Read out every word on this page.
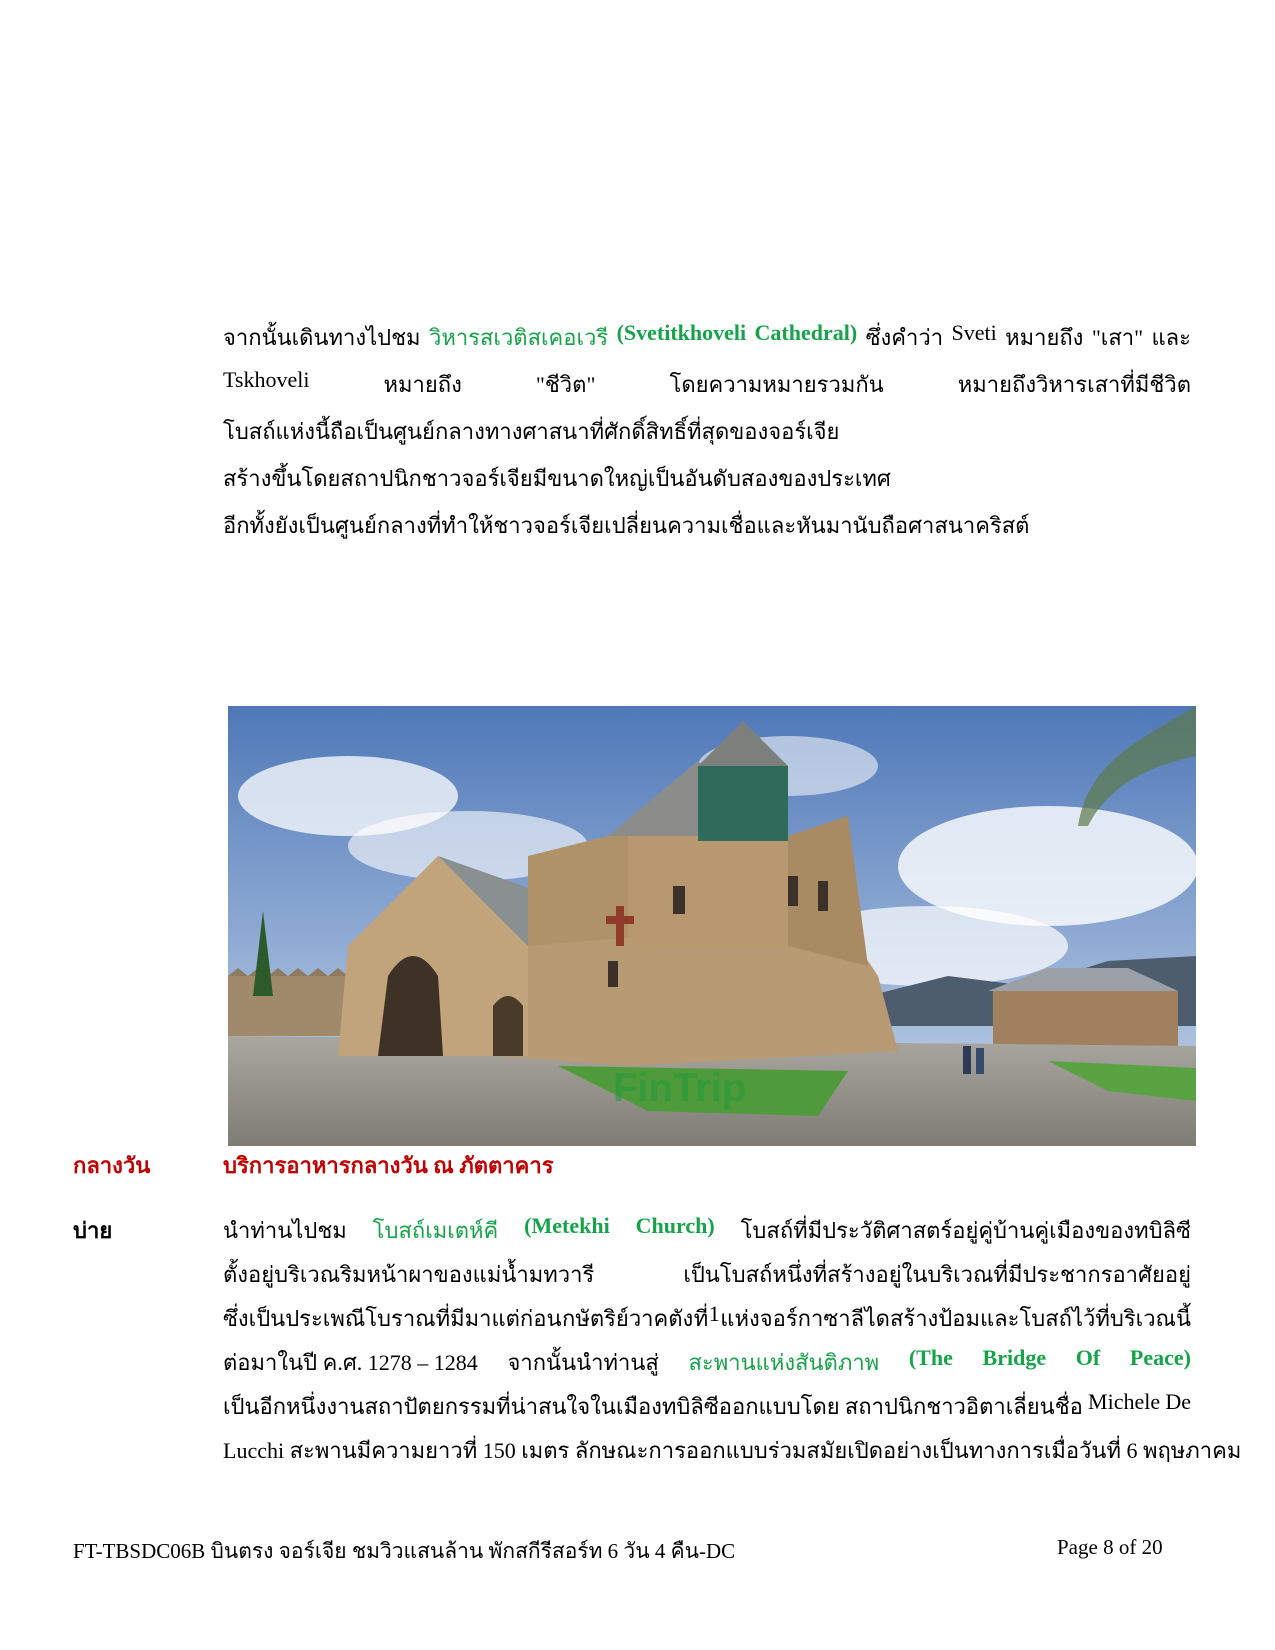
จากนั้นเดินทางไปชม วิหารสเวติสเคอเวรี (Svetitkhoveli Cathedral) ซึ่งคำว่า Sveti หมายถึง "เสา" และ
Tskhoveli	หมายถึง	"ชีวิต"	โดยความหมายรวมกัน	หมายถึงวิหารเสาที่มีชีวิต
โบสถ์แห่งนี้ถือเป็นศูนย์กลางทางศาสนาที่ศักดิ์สิทธิ์ที่สุดของจอร์เจีย
สร้างขึ้นโดยสถาปนิกชาวจอร์เจียมีขนาดใหญ่เป็นอันดับสองของประเทศ
อีกทั้งยังเป็นศูนย์กลางที่ทำให้ชาวจอร์เจียเปลี่ยนความเชื่อและหันมานับถือศาสนาคริสต์
FinTrip
กลางวัน	บริการอาหารกลางวัน ณ ภัตตาคาร
บ่าย	นำท่านไปชม โบสถ์เมเตห์คี (Metekhi Church) โบสถ์ที่มีประวัติศาสตร์อยู่คู่บ้านคู่เมืองของทบิลิซี
ตั้งอยู่บริเวณริมหน้าผาของแม่น้ำมทวารี	เป็นโบสถ์หนึ่งที่สร้างอยู่ในบริเวณที่มีประชากรอาศัยอยู่
ซึ่งเป็นประเพณีโบราณที่มีมาแต่ก่อน กษัตริย์วาคตัง ที่ 1 แห่งจอร์กาซาลี ไดสร้างป้อมและโบสถ์ไว้ที่บริเวณนี้
ต่อมาในปี ค.ศ. 1278 – 1284 จากนั้นนำท่านสู่ สะพานแห่งสันติภาพ (The Bridge Of Peace)
เป็นอีกหนึ่งงานสถาปัตยกรรมที่น่าสนใจในเมืองทบิลิซีออกแบบโดย สถาปนิกชาวอิตาเลี่ยนชื่อ Michele De
Lucchi สะพานมีความยาวที่ 150 เมตร ลักษณะการออกแบบร่วมสมัยเปิดอย่างเป็นทางการเมื่อวันที่ 6 พฤษภาคม
FT-TBSDC06B บินตรง จอร์เจีย ชมวิวแสนล้าน พักสกีรีสอร์ท 6 วัน 4 คืน-DC	Page 8 of 20
